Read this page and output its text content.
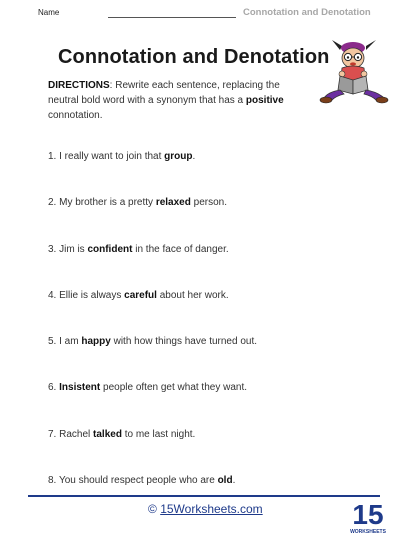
Name	Connotation and Denotation
Connotation and Denotation
DIRECTIONS: Rewrite each sentence, replacing the neutral bold word with a synonym that has a positive connotation.
1. I really want to join that group.
2. My brother is a pretty relaxed person.
3. Jim is confident in the face of danger.
4. Ellie is always careful about her work.
5. I am happy with how things have turned out.
6. Insistent people often get what they want.
7. Rachel talked to me last night.
8. You should respect people who are old.
© 15Worksheets.com	15
WORKSHEETS
